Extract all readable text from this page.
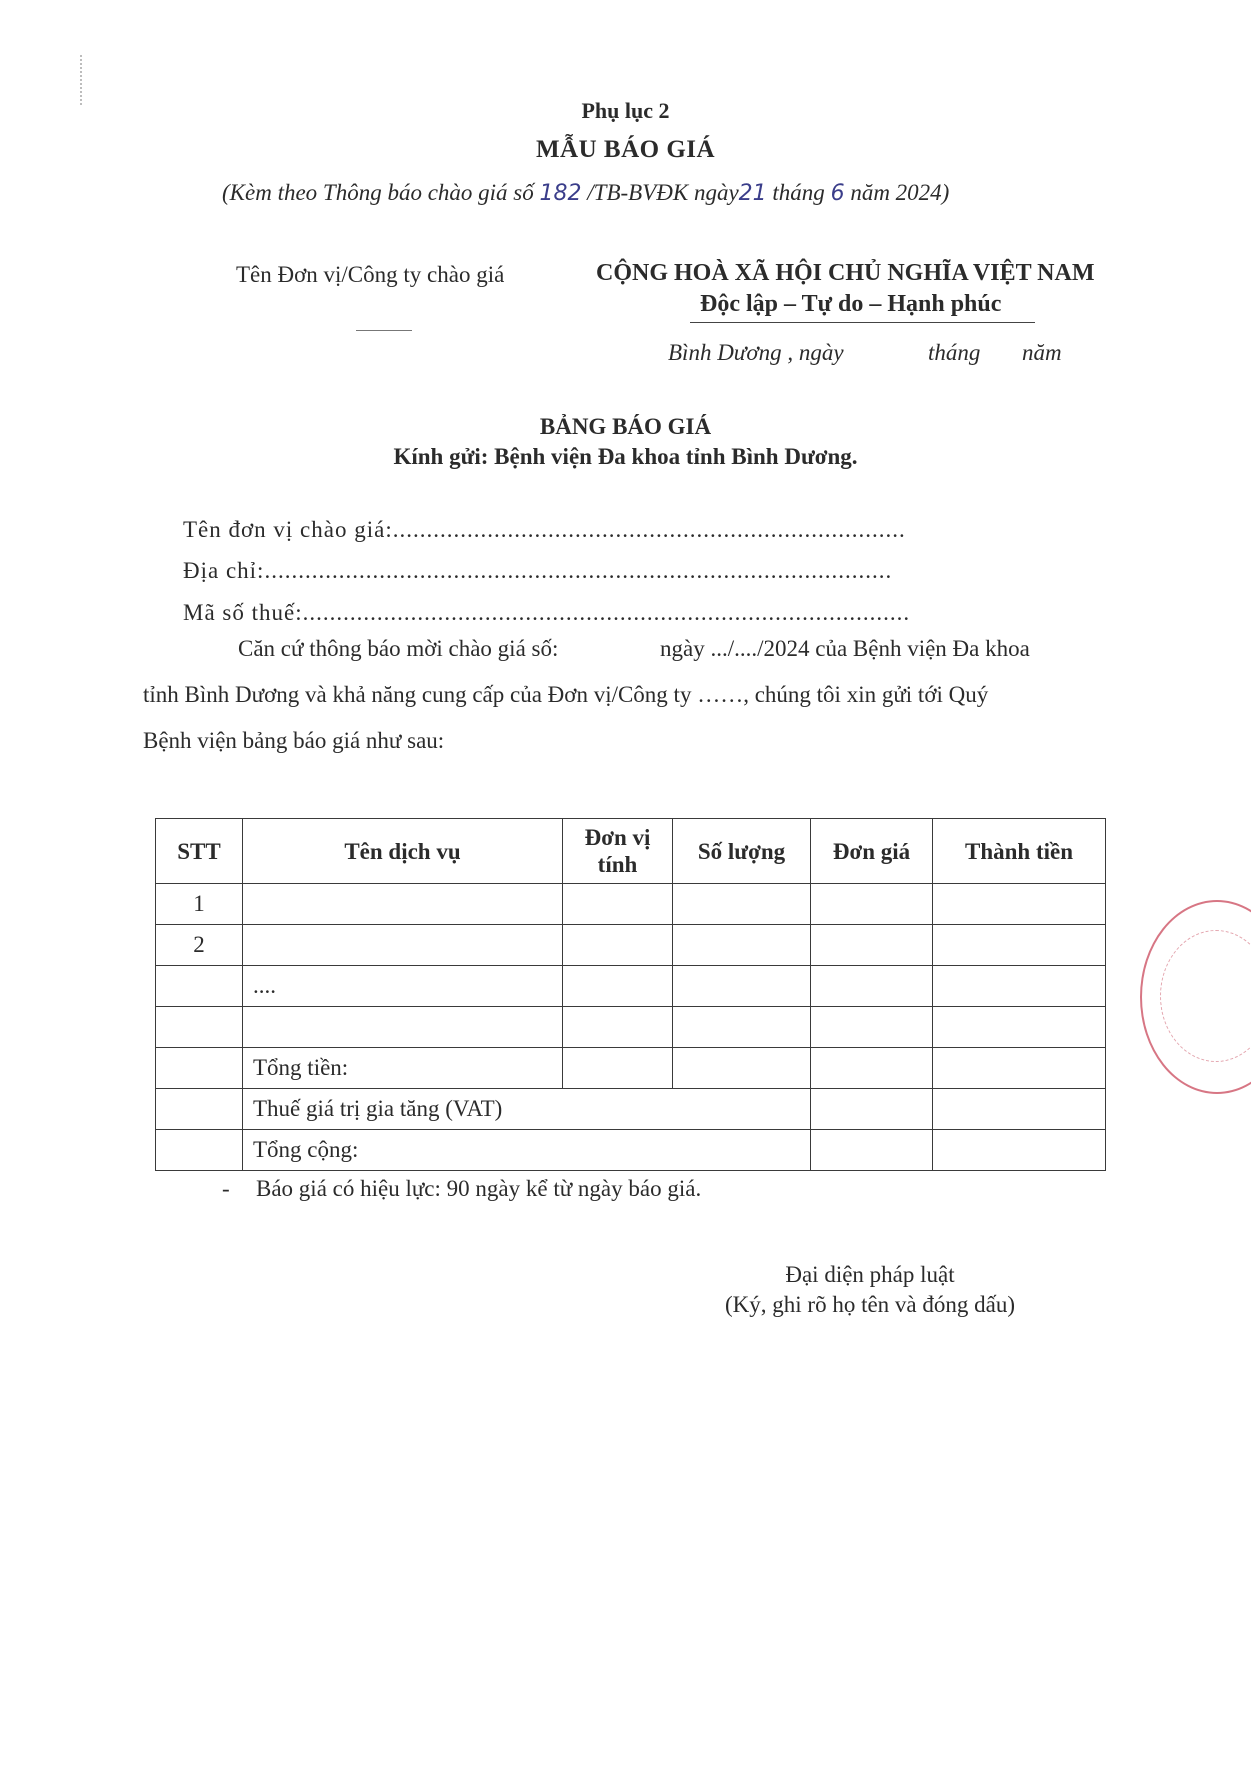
Phụ lục 2
MẪU BÁO GIÁ
(Kèm theo Thông báo chào giá số 182 /TB-BVĐK ngày21 tháng 6 năm 2024)
Tên Đơn vị/Công ty chào giá	CỘNG HOÀ XÃ HỘI CHỦ NGHĨA VIỆT NAM
Độc lập – Tự do – Hạnh phúc
Bình Dương , ngày	tháng năm
BẢNG BÁO GIÁ
Kính gửi: Bệnh viện Đa khoa tỉnh Bình Dương.
Tên đơn vị chào giá:............................................................................
Địa chỉ:.............................................................................................
Mã số thuế:..........................................................................................
Căn cứ thông báo mời chào giá số:	ngày .../..../2024 của Bệnh viện Đa khoa
tỉnh Bình Dương và khả năng cung cấp của Đơn vị/Công ty ……, chúng tôi xin gửi tới Quý
Bệnh viện bảng báo giá như sau:
STT	Tên dịch vụ	Đơn vị tính	Số lượng	Đơn giá	Thành tiền
1					
2					
	....				

	Tổng tiền:				
	Thuế giá trị gia tăng (VAT)				
	Tổng cộng:				
- Báo giá có hiệu lực: 90 ngày kể từ ngày báo giá.
Đại diện pháp luật
(Ký, ghi rõ họ tên và đóng dấu)
